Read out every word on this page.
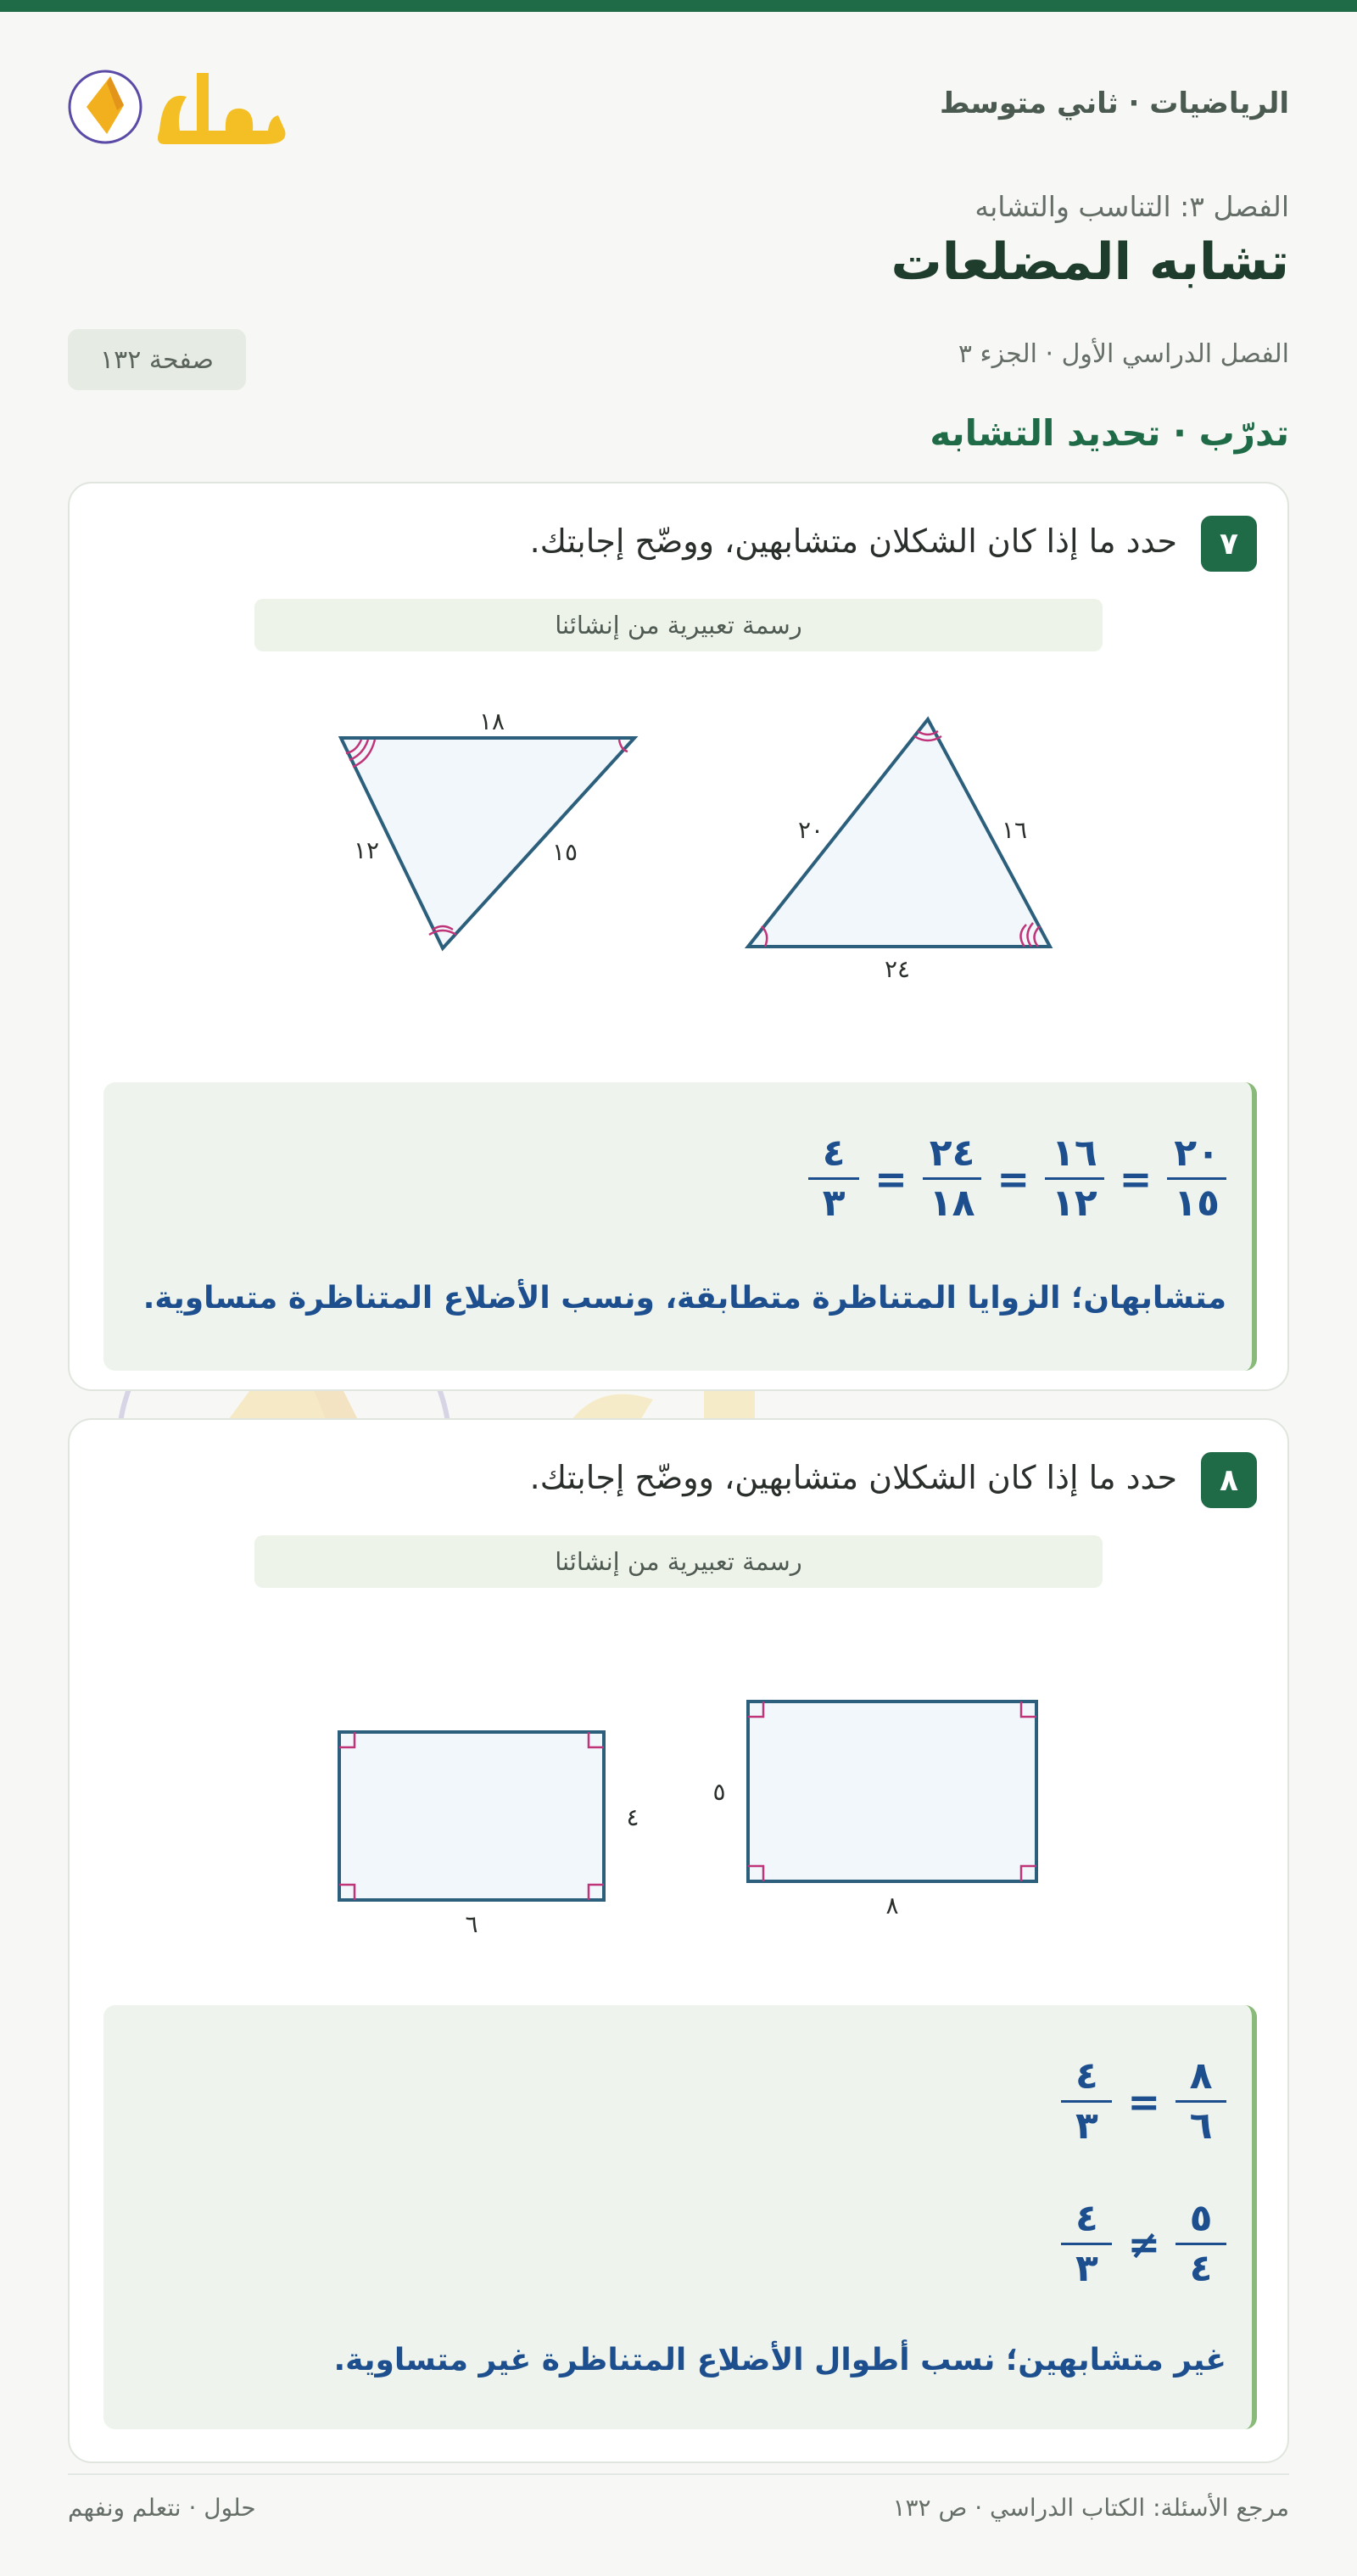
الرياضيات · ثاني متوسط
الفصل ٣: التناسب والتشابه
تشابه المضلعات
الفصل الدراسي الأول · الجزء ٣
صفحة ١٣٢
تدرّب · تحديد التشابه
٧
حدد ما إذا كان الشكلان متشابهين، ووضّح إجابتك.
رسمة تعبيرية من إنشائنا
٢٠	١٦
٢٤
١٨
١٢	١٥
$\frac{٢٠}{١٥}$
=
$\frac{١٦}{١٢}$
=
$\frac{٢٤}{١٨}$
=
$\frac{٤}{٣}$
متشابهان؛ الزوايا المتناظرة متطابقة، ونسب الأضلاع المتناظرة متساوية.
٨
حدد ما إذا كان الشكلان متشابهين، ووضّح إجابتك.
رسمة تعبيرية من إنشائنا
٥
٨
٤
٦
$\frac{٨}{٦}$
=
$\frac{٤}{٣}$
$\frac{٥}{٤}$
≠
$\frac{٤}{٣}$
غير متشابهين؛ نسب أطوال الأضلاع المتناظرة غير متساوية.
مرجع الأسئلة: الكتاب الدراسي · ص ١٣٢
حلول · نتعلم ونفهم
